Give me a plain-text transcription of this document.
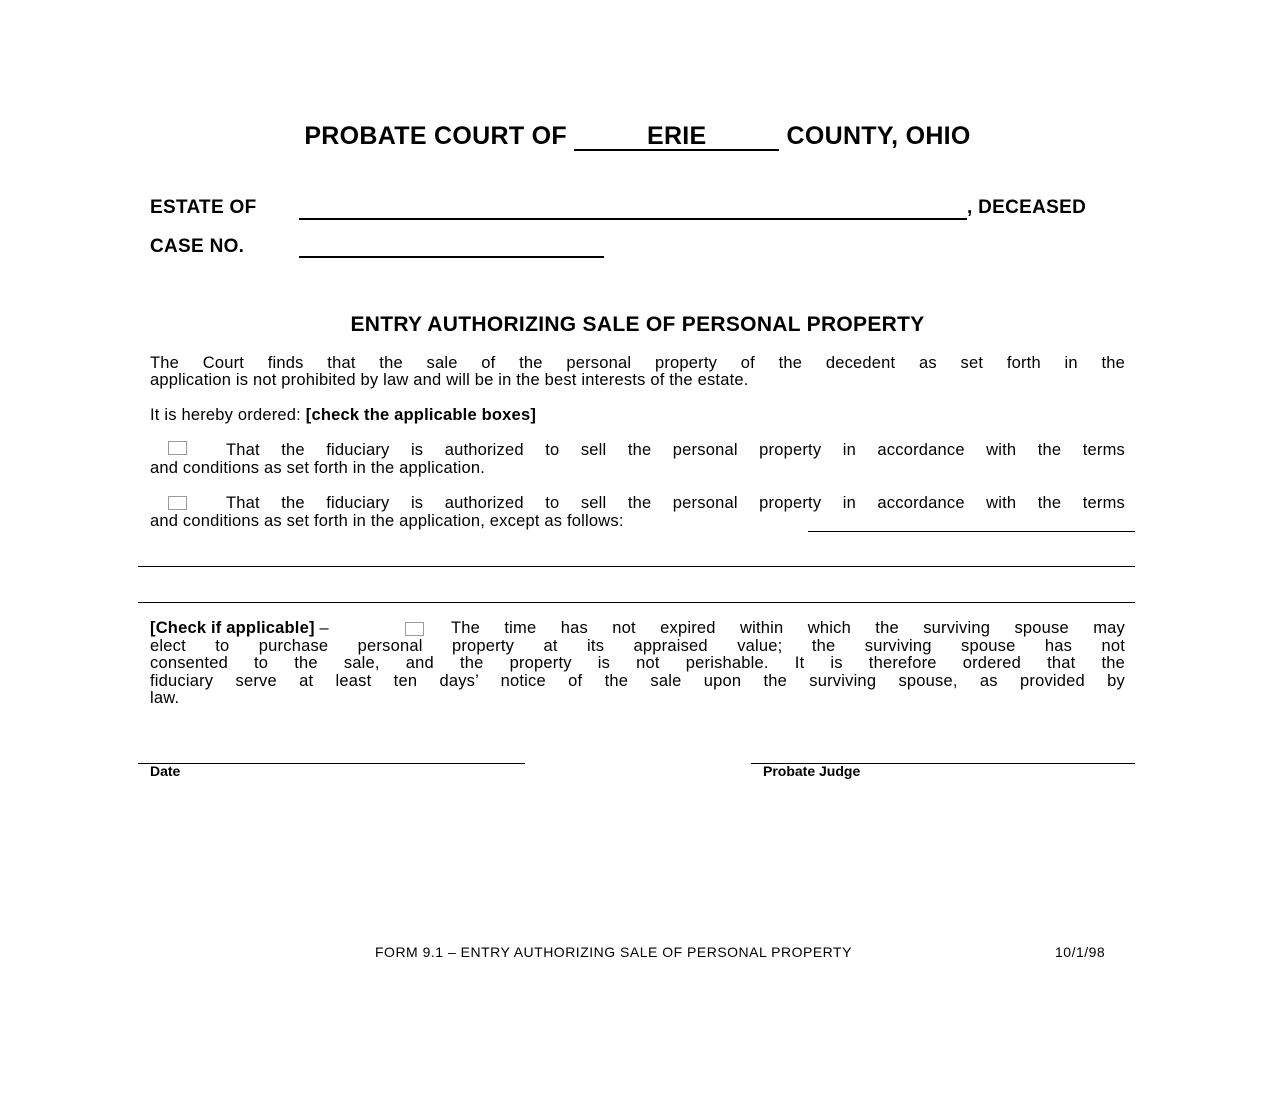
PROBATE COURT OF	ERIE	COUNTY, OHIO
ESTATE OF	, DECEASED
CASE NO.
ENTRY AUTHORIZING SALE OF PERSONAL PROPERTY
The Court finds that the sale of the personal property of the decedent as set forth in the
application is not prohibited by law and will be in the best interests of the estate.
It is hereby ordered: [check the applicable boxes]
That the fiduciary is authorized to sell the personal property in accordance with the terms
and conditions as set forth in the application.
That the fiduciary is authorized to sell the personal property in accordance with the terms
and conditions as set forth in the application, except as follows:
[Check if applicable] –	The time has not expired within which the surviving spouse may
elect to purchase personal property at its appraised value; the surviving spouse has not
consented to the sale, and the property is not perishable. It is therefore ordered that the
fiduciary serve at least ten days’ notice of the sale upon the surviving spouse, as provided by
law.
Date	Probate Judge
FORM 9.1 – ENTRY AUTHORIZING SALE OF PERSONAL PROPERTY	10/1/98
